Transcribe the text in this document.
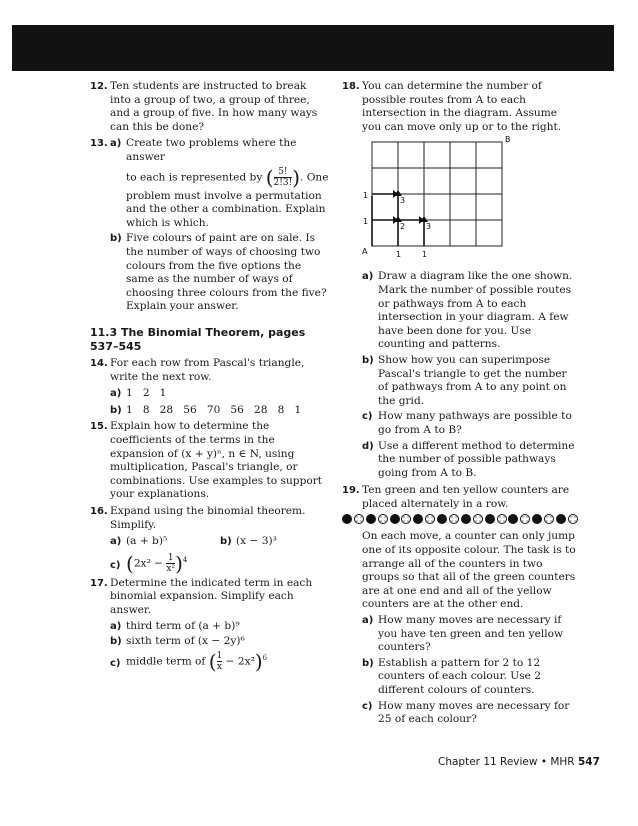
12. Ten students are instructed to break into a group of two, a group of three, and a group of five. In how many ways can this be done?
13. a) Create two problems where the answer
to each is represented by ( $\frac{5!}{2!3!}$ ). One
problem must involve a permutation and the other a combination. Explain which is which.
b) Five colours of paint are on sale. Is the number of ways of choosing two colours from the five options the same as the number of ways of choosing three colours from the five? Explain your answer.
11.3 The Binomial Theorem, pages 537–545
14. For each row from Pascal's triangle, write the next row.
a) 1   2   1
b) 1   8   28   56   70   56   28   8   1
15. Explain how to determine the coefficients of the terms in the expansion of (x + y)ⁿ, n ∈ N, using multiplication, Pascal's triangle, or combinations. Use examples to support your explanations.
16. Expand using the binomial theorem. Simplify.
a) (a + b)⁵	b) (x − 3)³
c) $(2x^2 - \frac{1}{\text{x²}} )^4$
17. Determine the indicated term in each binomial expansion. Simplify each answer.
a) third term of (a + b)⁹
b) sixth term of (x − 2y)⁶
c) middle term of ( $\frac{1}{x} - 2x^2)^6$
18. You can determine the number of possible routes from A to each intersection in the diagram. Assume you can move only up or to the right.
1
3
1
2	3
1	1
A
B
a) Draw a diagram like the one shown. Mark the number of possible routes or pathways from A to each intersection in your diagram. A few have been done for you. Use counting and patterns.
b) Show how you can superimpose Pascal's triangle to get the number of pathways from A to any point on the grid.
c) How many pathways are possible to go from A to B?
d) Use a different method to determine the number of possible pathways going from A to B.
19. Ten green and ten yellow counters are placed alternately in a row.
On each move, a counter can only jump one of its opposite colour. The task is to arrange all of the counters in two groups so that all of the green counters are at one end and all of the yellow counters are at the other end.
a) How many moves are necessary if you have ten green and ten yellow counters?
b) Establish a pattern for 2 to 12 counters of each colour. Use 2 different colours of counters.
c) How many moves are necessary for 25 of each colour?
Chapter 11 Review • MHR 547
